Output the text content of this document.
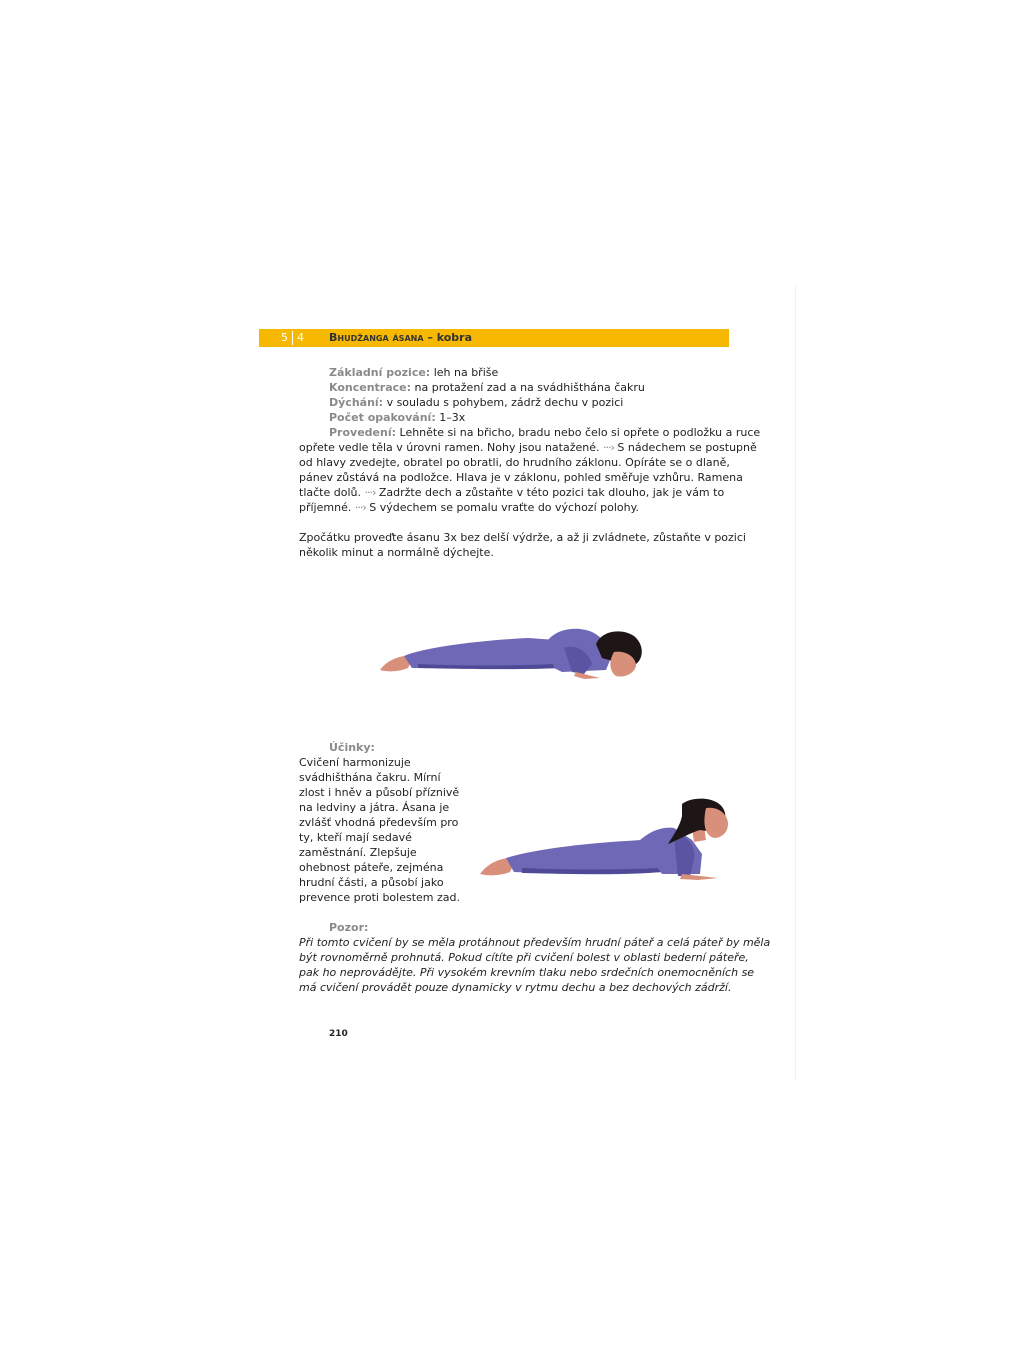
5 4 Bhudžanga ásana – kobra
Základní pozice: leh na břiše
Koncentrace: na protažení zad a na svádhišthána čakru
Dýchání: v souladu s pohybem, zádrž dechu v pozici
Počet opakování: 1–3x
Provedení: Lehněte si na břicho, bradu nebo čelo si opřete o podložku a ruce
opřete vedle těla v úrovni ramen. Nohy jsou natažené. ···› S nádechem se postupně
od hlavy zvedejte, obratel po obratli, do hrudního záklonu. Opíráte se o dlaně,
pánev zůstává na podložce. Hlava je v záklonu, pohled směřuje vzhůru. Ramena
tlačte dolů. ···› Zadržte dech a zůstaňte v této pozici tak dlouho, jak je vám to
příjemné. ···› S výdechem se pomalu vraťte do výchozí polohy.
Zpočátku proveďte ásanu 3x bez delší výdrže, a až ji zvládnete, zůstaňte v pozici
několik minut a normálně dýchejte.
Účinky:
Cvičení harmonizuje
svádhišthána čakru. Mírní
zlost i hněv a působí příznivě
na ledviny a játra. Ásana je
zvlášť vhodná především pro
ty, kteří mají sedavé
zaměstnání. Zlepšuje
ohebnost páteře, zejména
hrudní části, a působí jako
prevence proti bolestem zad.
Pozor:
Při tomto cvičení by se měla protáhnout především hrudní páteř a celá páteř by měla
být rovnoměrně prohnutá. Pokud cítíte při cvičení bolest v oblasti bederní páteře,
pak ho neprovádějte. Při vysokém krevním tlaku nebo srdečních onemocněních se
má cvičení provádět pouze dynamicky v rytmu dechu a bez dechových zádrží.
210
